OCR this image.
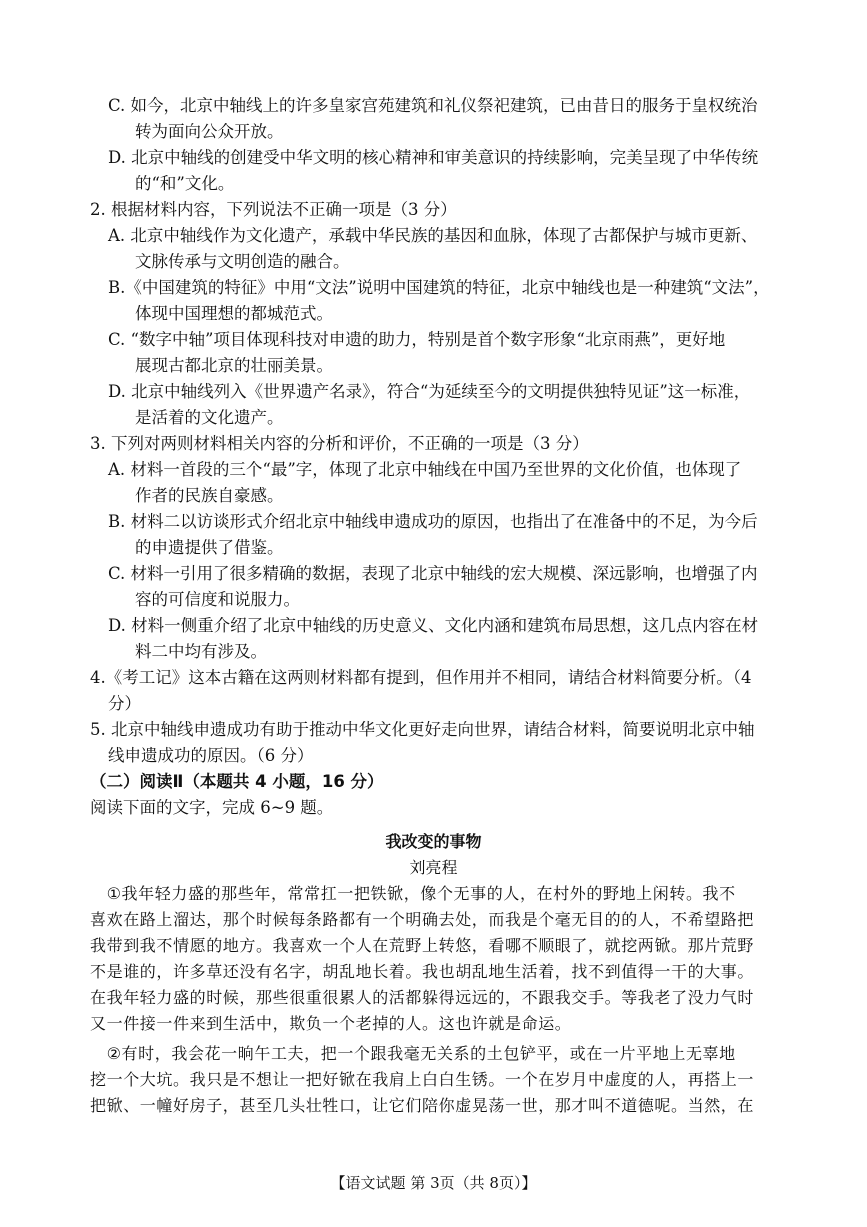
C. 如今，北京中轴线上的许多皇家宫苑建筑和礼仪祭祀建筑，已由昔日的服务于皇权统治
转为面向公众开放。
D. 北京中轴线的创建受中华文明的核心精神和审美意识的持续影响，完美呈现了中华传统
的“和”文化。
2. 根据材料内容，下列说法不正确一项是（3 分）
A. 北京中轴线作为文化遗产，承载中华民族的基因和血脉，体现了古都保护与城市更新、
文脉传承与文明创造的融合。
B.《中国建筑的特征》中用“文法”说明中国建筑的特征，北京中轴线也是一种建筑“文法”，
体现中国理想的都城范式。
C. “数字中轴”项目体现科技对申遗的助力，特别是首个数字形象“北京雨燕”，更好地
展现古都北京的壮丽美景。
D. 北京中轴线列入《世界遗产名录》，符合“为延续至今的文明提供独特见证”这一标准，
是活着的文化遗产。
3. 下列对两则材料相关内容的分析和评价，不正确的一项是（3 分）
A. 材料一首段的三个“最”字，体现了北京中轴线在中国乃至世界的文化价值，也体现了
作者的民族自豪感。
B. 材料二以访谈形式介绍北京中轴线申遗成功的原因，也指出了在准备中的不足，为今后
的申遗提供了借鉴。
C. 材料一引用了很多精确的数据，表现了北京中轴线的宏大规模、深远影响，也增强了内
容的可信度和说服力。
D. 材料一侧重介绍了北京中轴线的历史意义、文化内涵和建筑布局思想，这几点内容在材
料二中均有涉及。
4.《考工记》这本古籍在这两则材料都有提到，但作用并不相同，请结合材料简要分析。（4
分）
5. 北京中轴线申遗成功有助于推动中华文化更好走向世界，请结合材料，简要说明北京中轴
线申遗成功的原因。（6 分）
（二）阅读Ⅱ（本题共 4 小题，16 分）
阅读下面的文字，完成 6~9 题。
我改变的事物
刘亮程
　①我年轻力盛的那些年，常常扛一把铁锨，像个无事的人，在村外的野地上闲转。我不
喜欢在路上溜达，那个时候每条路都有一个明确去处，而我是个毫无目的的人，不希望路把
我带到我不情愿的地方。我喜欢一个人在荒野上转悠，看哪不顺眼了，就挖两锨。那片荒野
不是谁的，许多草还没有名字，胡乱地长着。我也胡乱地生活着，找不到值得一干的大事。
在我年轻力盛的时候，那些很重很累人的活都躲得远远的，不跟我交手。等我老了没力气时
又一件接一件来到生活中，欺负一个老掉的人。这也许就是命运。
　②有时，我会花一晌午工夫，把一个跟我毫无关系的土包铲平，或在一片平地上无辜地
挖一个大坑。我只是不想让一把好锨在我肩上白白生锈。一个在岁月中虚度的人，再搭上一
把锨、一幢好房子，甚至几头壮牲口，让它们陪你虚晃荡一世，那才叫不道德呢。当然，在
【语文试题 第 3页（共 8页）】
